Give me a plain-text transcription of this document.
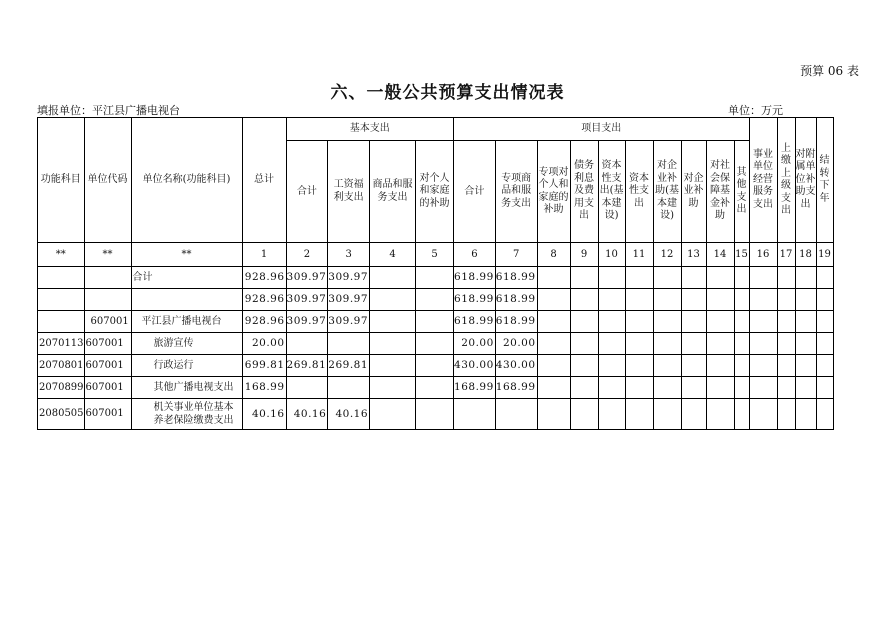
预算 06 表
六、一般公共预算支出情况表
填报单位：平江县广播电视台	单位：万元
功能科目	单位代码	单位名称(功能科目)	总计	基本支出				项目支出										事业单位经营服务支出	上缴上级支出	对附属单位补助支出	结转下年
				合计	工资福利支出	商品和服务支出	对个人和家庭的补助	合计	专项商品和服务支出	专项对个人和家庭的补助	债务利息及费用支出	资本性支出(基本建设)	资本性支出	对企业补助(基本建设)	对企业补助	对社会保障基金补助	其他支出				
**	**	**	1	2	3	4	5	6	7	8	9	10	11	12	13	14	15	16	17	18	19
		合计	928.96	309.97	309.97			618.99	618.99												
			928.96	309.97	309.97			618.99	618.99												
	607001	平江县广播电视台	928.96	309.97	309.97			618.99	618.99												
2070113	607001	旅游宣传	20.00					20.00	20.00												
2070801	607001	行政运行	699.81	269.81	269.81			430.00	430.00												
2070899	607001	其他广播电视支出	168.99					168.99	168.99												
2080505	607001	机关事业单位基本养老保险缴费支出	40.16	40.16	40.16																
